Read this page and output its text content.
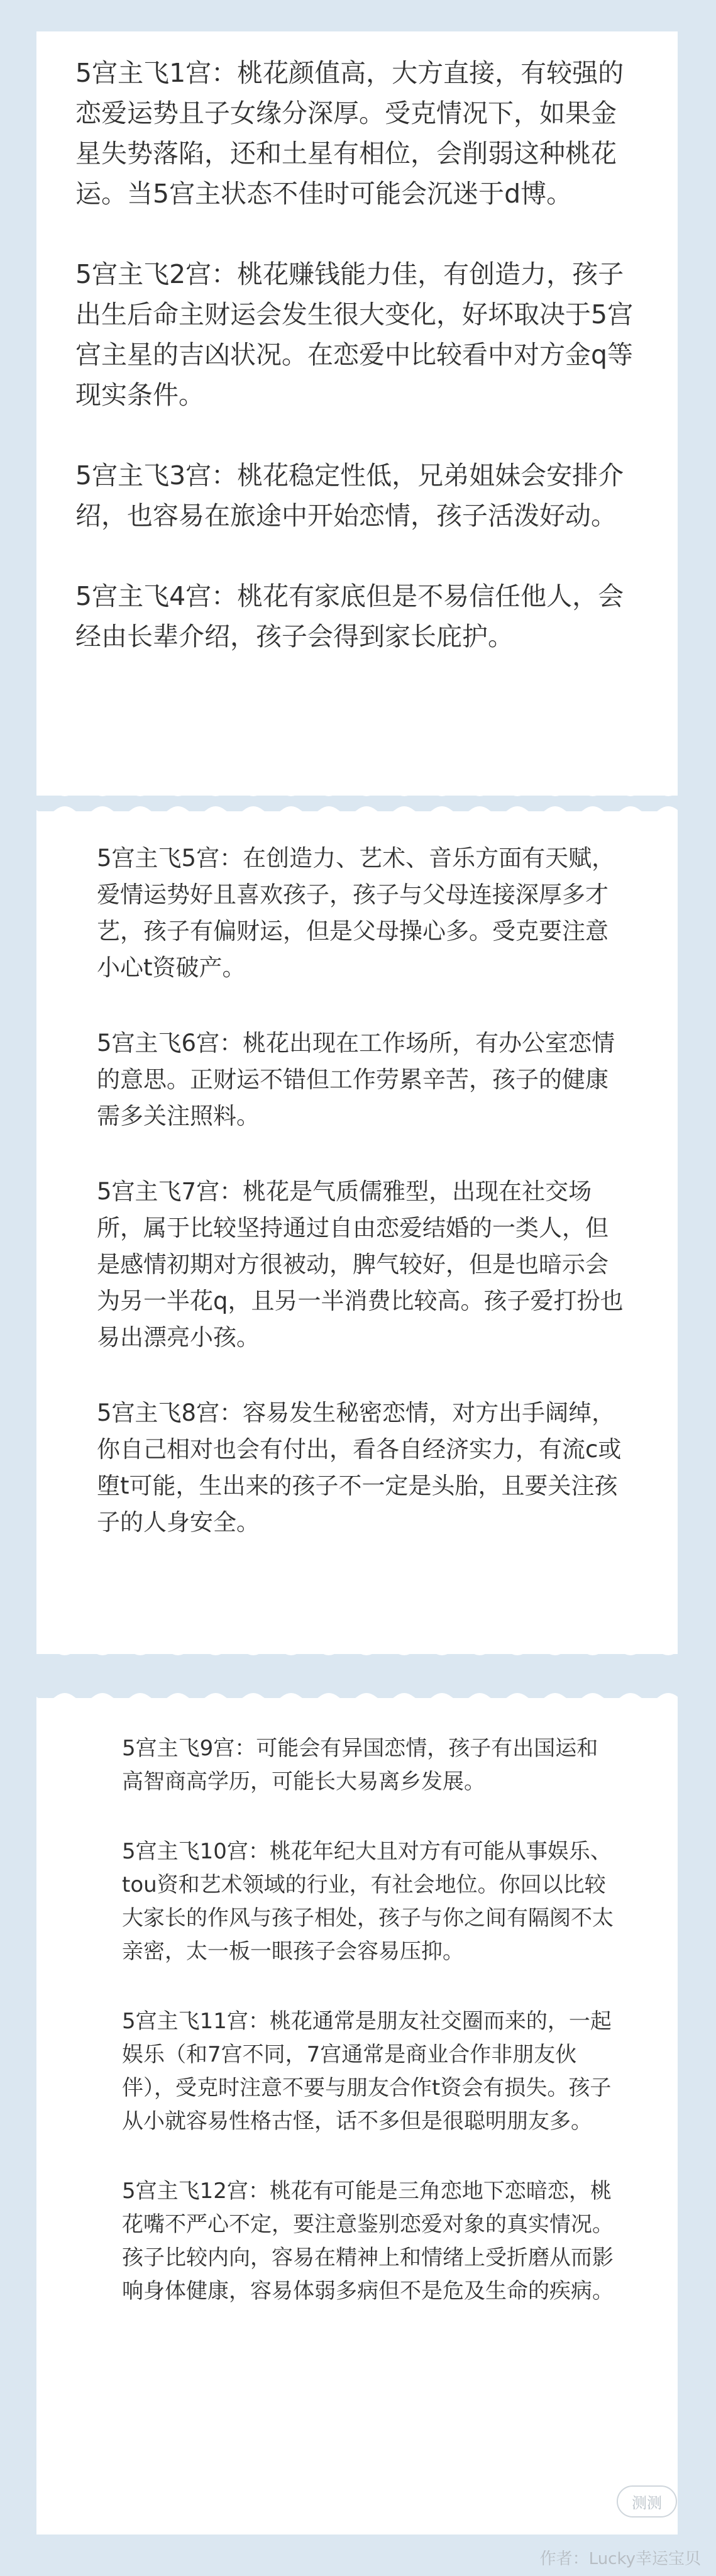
5宫主飞1宫：桃花颜值高，大方直接，有较强的恋爱运势且子女缘分深厚。受克情况下，如果金星失势落陷，还和土星有相位，会削弱这种桃花运。当5宫主状态不佳时可能会沉迷于d博。

5宫主飞2宫：桃花赚钱能力佳，有创造力，孩子出生后命主财运会发生很大变化，好坏取决于5宫宫主星的吉凶状况。在恋爱中比较看中对方金q等现实条件。

5宫主飞3宫：桃花稳定性低，兄弟姐妹会安排介绍，也容易在旅途中开始恋情，孩子活泼好动。

5宫主飞4宫：桃花有家底但是不易信任他人，会经由长辈介绍，孩子会得到家长庇护。

5宫主飞5宫：在创造力、艺术、音乐方面有天赋，爱情运势好且喜欢孩子，孩子与父母连接深厚多才艺，孩子有偏财运，但是父母操心多。受克要注意小心t资破产。

5宫主飞6宫：桃花出现在工作场所，有办公室恋情的意思。正财运不错但工作劳累辛苦，孩子的健康需多关注照料。

5宫主飞7宫：桃花是气质儒雅型，出现在社交场所，属于比较坚持通过自由恋爱结婚的一类人，但是感情初期对方很被动，脾气较好，但是也暗示会为另一半花q，且另一半消费比较高。孩子爱打扮也易出漂亮小孩。

5宫主飞8宫：容易发生秘密恋情，对方出手阔绰，你自己相对也会有付出，看各自经济实力，有流c或堕t可能，生出来的孩子不一定是头胎，且要关注孩子的人身安全。

5宫主飞9宫：可能会有异国恋情，孩子有出国运和高智商高学历，可能长大易离乡发展。

5宫主飞10宫：桃花年纪大且对方有可能从事娱乐、tou资和艺术领域的行业，有社会地位。你回以比较大家长的作风与孩子相处，孩子与你之间有隔阂不太亲密，太一板一眼孩子会容易压抑。

5宫主飞11宫：桃花通常是朋友社交圈而来的，一起娱乐（和7宫不同，7宫通常是商业合作非朋友伙伴），受克时注意不要与朋友合作t资会有损失。孩子从小就容易性格古怪，话不多但是很聪明朋友多。

5宫主飞12宫：桃花有可能是三角恋地下恋暗恋，桃花嘴不严心不定，要注意鉴别恋爱对象的真实情况。孩子比较内向，容易在精神上和情绪上受折磨从而影响身体健康，容易体弱多病但不是危及生命的疾病。

测测
作者：Lucky幸运宝贝
